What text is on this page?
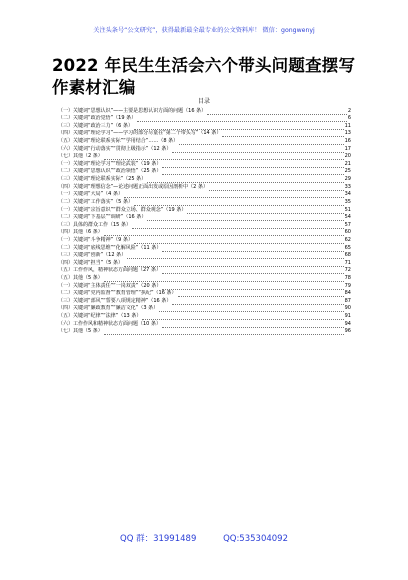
关注头条号“公文研究”，获得最新最全最专业的公文资料库！ 微信：gongwenyj
2022 年民生生活会六个带头问题查摆写作素材汇编
目录
（一）关键词“思想认识”——主要是思想认识方面的问题（16 条）	2
（二）关键词“政治觉悟”（19 条）	6
（三）关键词“政治三力”（6 条）	11
（四）关键词“理论学习”——学习的部分尽量在“第二个带头写”（14 条）	13
（五）关键词“理论联系实际”“学用结合”……（8 条）	16
（六）关键词“行动落实”“贯彻上级指示”（12 条）	17
（七）其他（2 条）	20
（一）关键词“理论学习”“理论武装”（19 条）	21
（二）关键词“思想认识”“政治领悟”（25 条）	25
（三）关键词“理论联系实际”（25 条）	29
（四）关键词“理想信念”—论述问题正面出发或原因剖析中（2 条）	33
（一）关键词“大局”（4 条）	34
（二）关键词“工作落实”（5 条）	35
（一）关键词“宗旨意识”“群众立场、群众观念”（19 条）	51
（二）关键词“下基层”“调研”（16 条）	54
（三）具体的群众工作（15 条）	57
（四）其他（6 条）	60
（一）关键词“斗争精神”（9 条）	62
（二）关键词“底线思维”“化解风险”（11 条）	65
（三）关键词“创新”（12 条）	68
（四）关键词“担当”（5 条）	71
（五）工作作风，精神状态方面问题（27 条）	72
（五）其他（5 条）	78
（一）关键词“主体责任”“一岗双责”（20 条）	79
（二）关键词“党内监督”“教育管理”“执纪”（16 条）	84
（三）关键词“部风”“誓要八项规定精神”（16 条）	87
（四）关键词“廉政教育”“廉洁文化”（3 条）	90
（五）关键词“纪律”“法律”（13 条）	91
（六）工作作风和精神状态方面问题（10 条）	94
（七）其他（5 条）	96
QQ 群：31991489	QQ:535304092
